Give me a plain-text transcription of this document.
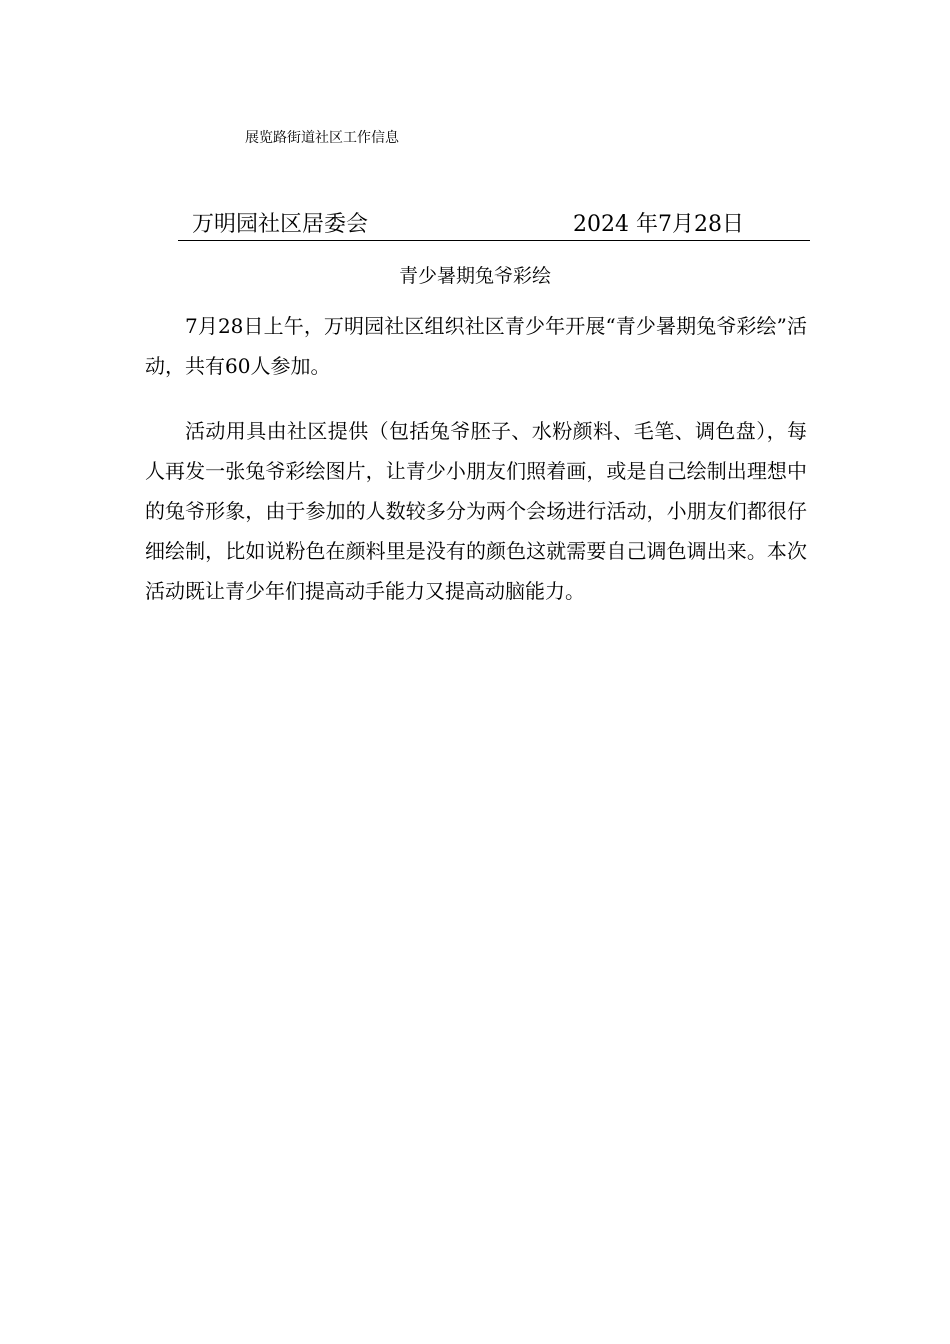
展览路街道社区工作信息
万明园社区居委会	2024 年7月28日
青少暑期兔爷彩绘

7月28日上午，万明园社区组织社区青少年开展“青少暑期兔爷彩绘”活动，共有60人参加。

活动用具由社区提供（包括兔爷胚子、水粉颜料、毛笔、调色盘），每人再发一张兔爷彩绘图片，让青少小朋友们照着画，或是自己绘制出理想中的兔爷形象，由于参加的人数较多分为两个会场进行活动，小朋友们都很仔细绘制，比如说粉色在颜料里是没有的颜色这就需要自己调色调出来。本次活动既让青少年们提高动手能力又提高动脑能力。
